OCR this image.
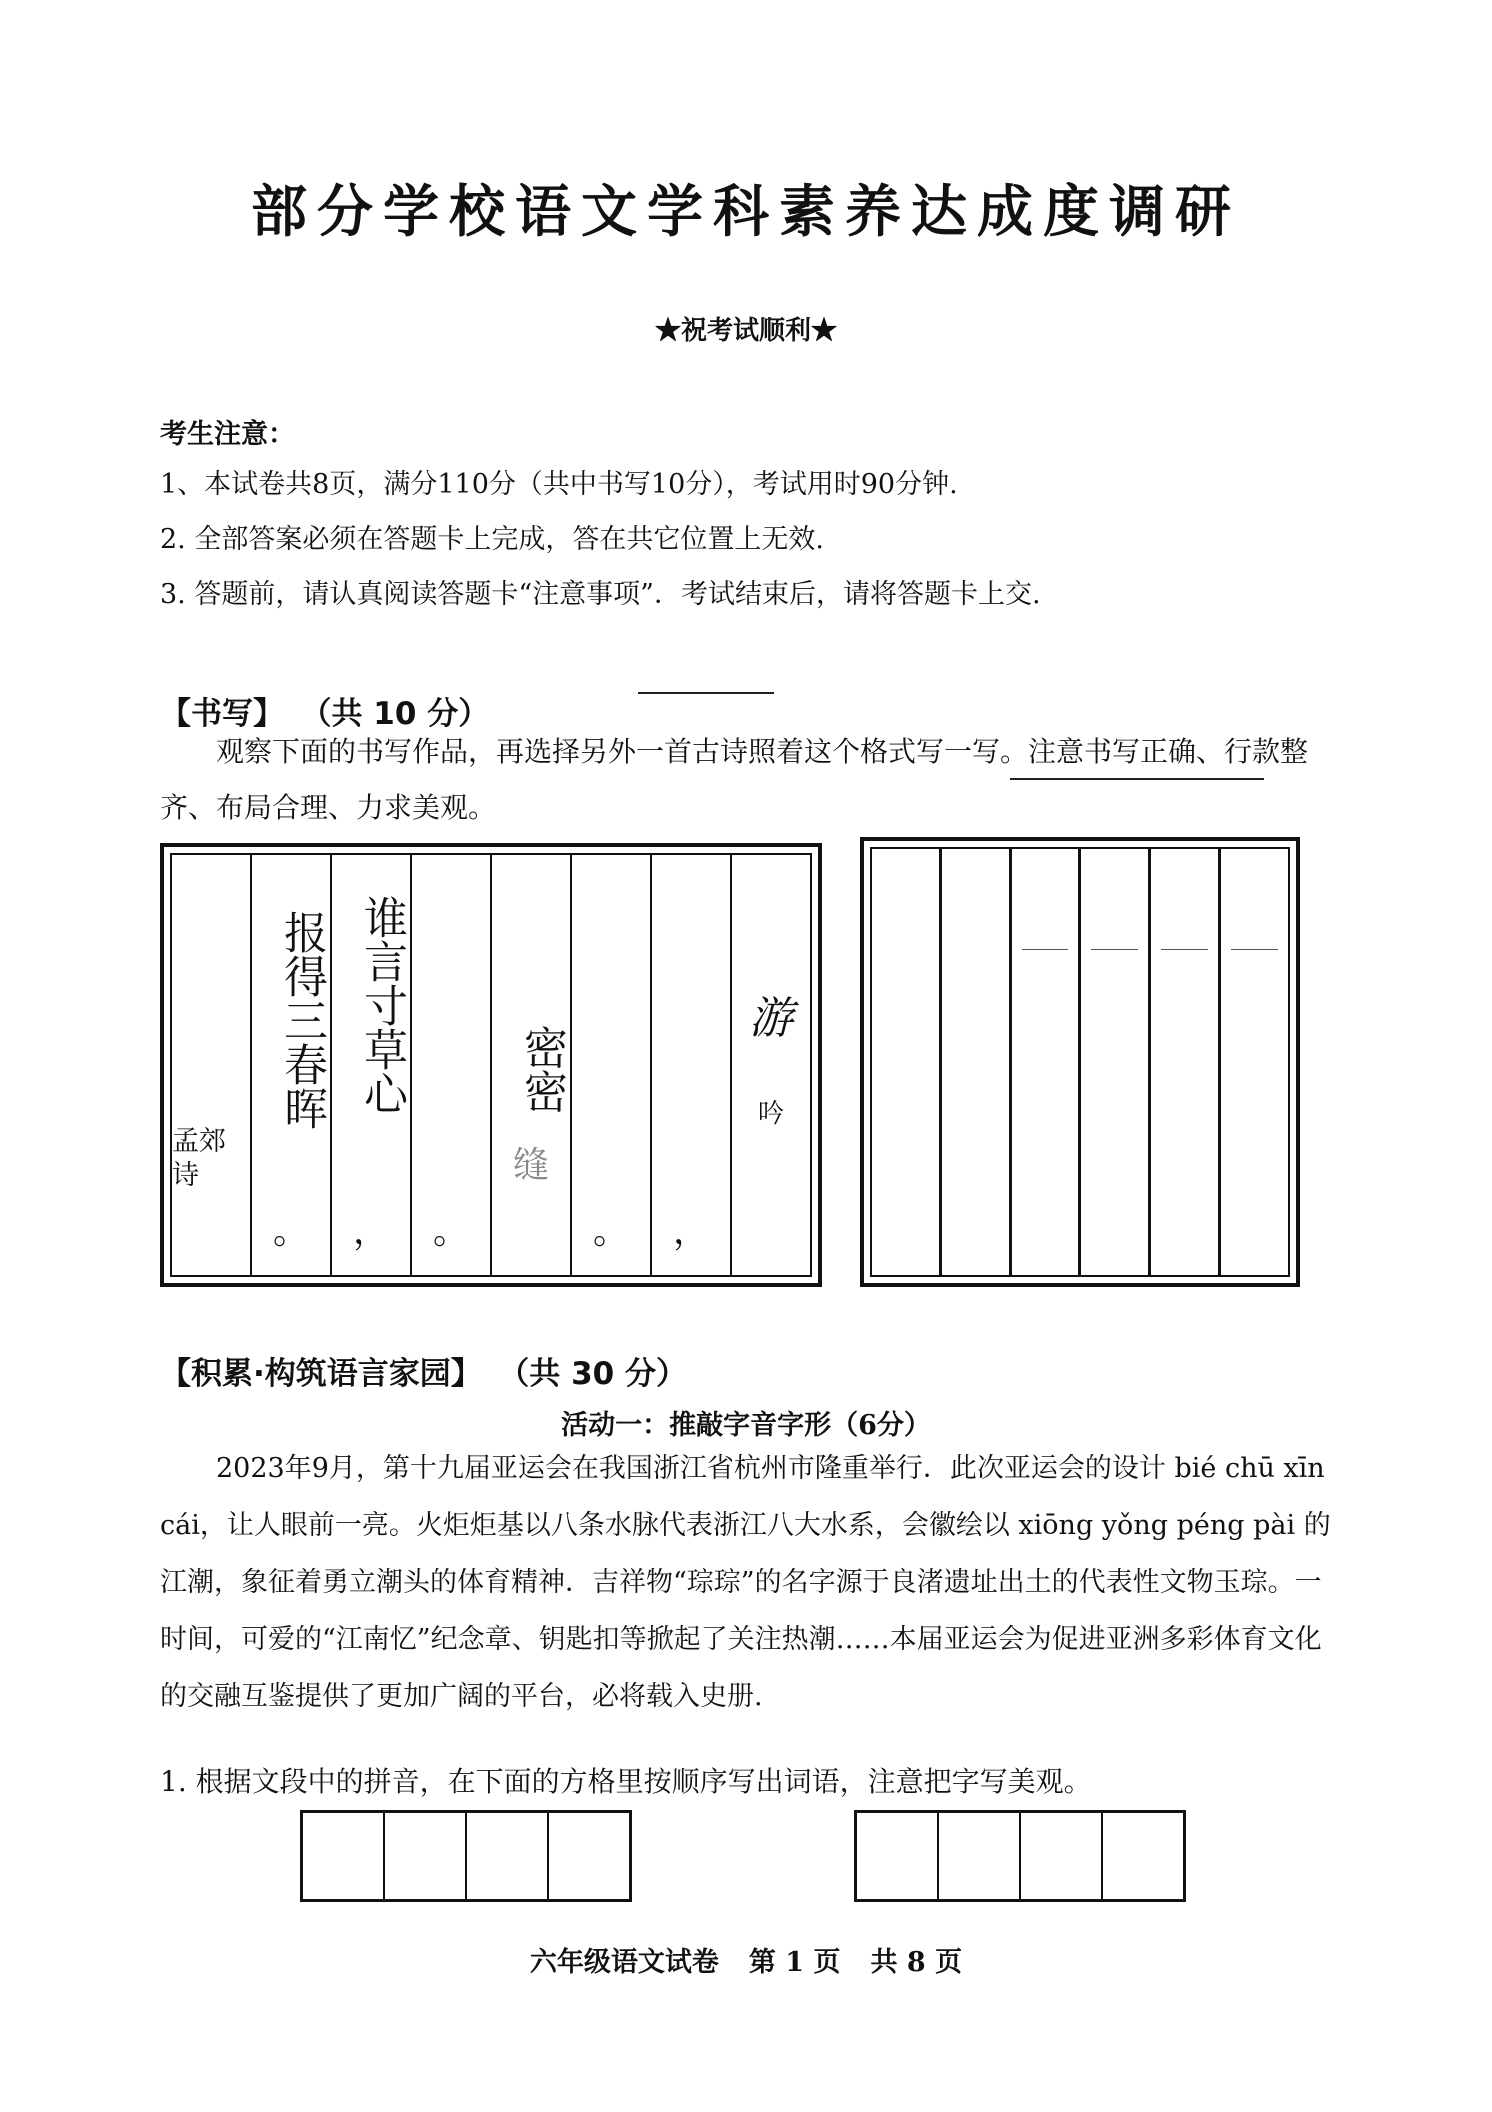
部分学校语文学科素养达成度调研
★祝考试顺利★
考生注意：
1、本试卷共8页，满分110分（共中书写10分），考试用时90分钟.
2. 全部答案必须在答题卡上完成，答在共它位置上无效.
3. 答题前，请认真阅读答题卡“注意事项”．考试结束后，请将答题卡上交.
【书写】 （共 10 分）
观察下面的书写作品，再选择另外一首古诗照着这个格式写一写。注意书写正确、行款整齐、布局合理、力求美观。
孟郊诗
报得三春晖
。
谁言寸草心
，	。
密密
缝
。	，
游
吟
【积累·构筑语言家园】 （共 30 分）
活动一：推敲字音字形（6分）
2023年9月，第十九届亚运会在我国浙江省杭州市隆重举行．此次亚运会的设计 bié chū xīn cái，让人眼前一亮。火炬炬基以八条水脉代表浙江八大水系，会徽绘以 xiōng yǒng péng pài 的江潮，象征着勇立潮头的体育精神．吉祥物“琮琮”的名字源于良渚遗址出土的代表性文物玉琮。一时间，可爱的“江南忆”纪念章、钥匙扣等掀起了关注热潮……本届亚运会为促进亚洲多彩体育文化的交融互鉴提供了更加广阔的平台，必将载入史册.
1. 根据文段中的拼音，在下面的方格里按顺序写出词语，注意把字写美观。
六年级语文试卷 第 1 页 共 8 页
